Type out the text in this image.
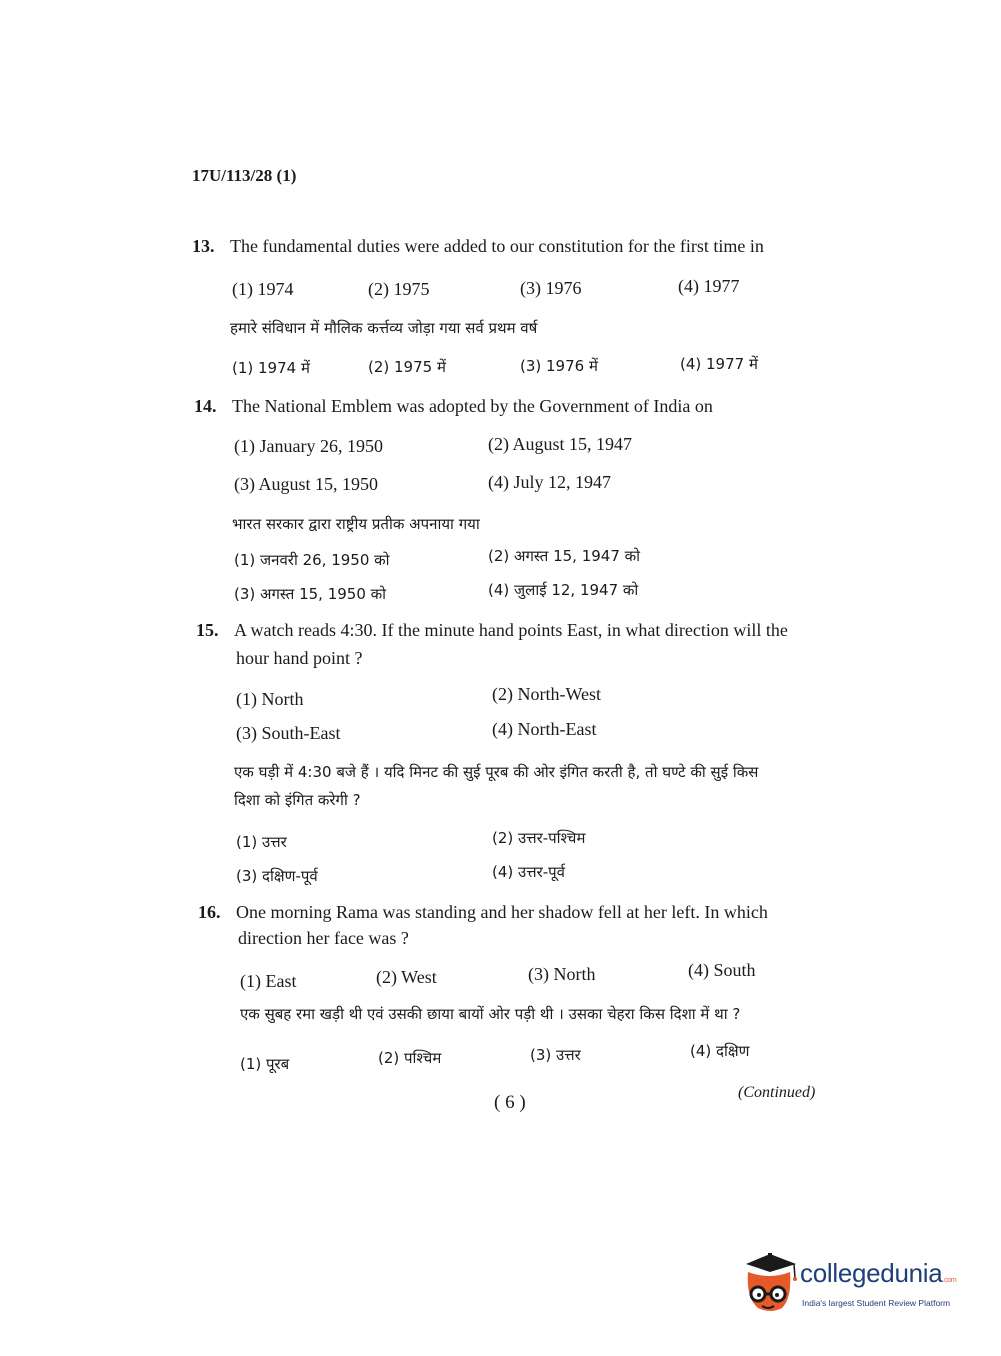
17U/113/28 (1)
13. The fundamental duties were added to our constitution for the first time in
(1) 1974	(2) 1975	(3) 1976	(4) 1977
हमारे संविधान में मौलिक कर्त्तव्य जोड़ा गया सर्व प्रथम वर्ष
(1) 1974 में	(2) 1975 में	(3) 1976 में	(4) 1977 में
14. The National Emblem was adopted by the Government of India on
(1) January 26, 1950	(2) August 15, 1947
(3) August 15, 1950	(4) July 12, 1947
भारत सरकार द्वारा राष्ट्रीय प्रतीक अपनाया गया
(1) जनवरी 26, 1950 को	(2) अगस्त 15, 1947 को
(3) अगस्त 15, 1950 को	(4) जुलाई 12, 1947 को
15. A watch reads 4:30. If the minute hand points East, in what direction will the
hour hand point ?
(1) North	(2) North-West
(3) South-East	(4) North-East
एक घड़ी में 4:30 बजे हैं । यदि मिनट की सुई पूरब की ओर इंगित करती है, तो घण्टे की सुई किस
दिशा को इंगित करेगी ?
(1) उत्तर	(2) उत्तर-पश्चिम
(3) दक्षिण-पूर्व	(4) उत्तर-पूर्व
16. One morning Rama was standing and her shadow fell at her left. In which
direction her face was ?
(1) East	(2) West	(3) North	(4) South
एक सुबह रमा खड़ी थी एवं उसकी छाया बायों ओर पड़ी थी । उसका चेहरा किस दिशा में था ?
(1) पूरब	(2) पश्चिम	(3) उत्तर	(4) दक्षिण
( 6 )	(Continued)
collegedunia.com
India's largest Student Review Platform
